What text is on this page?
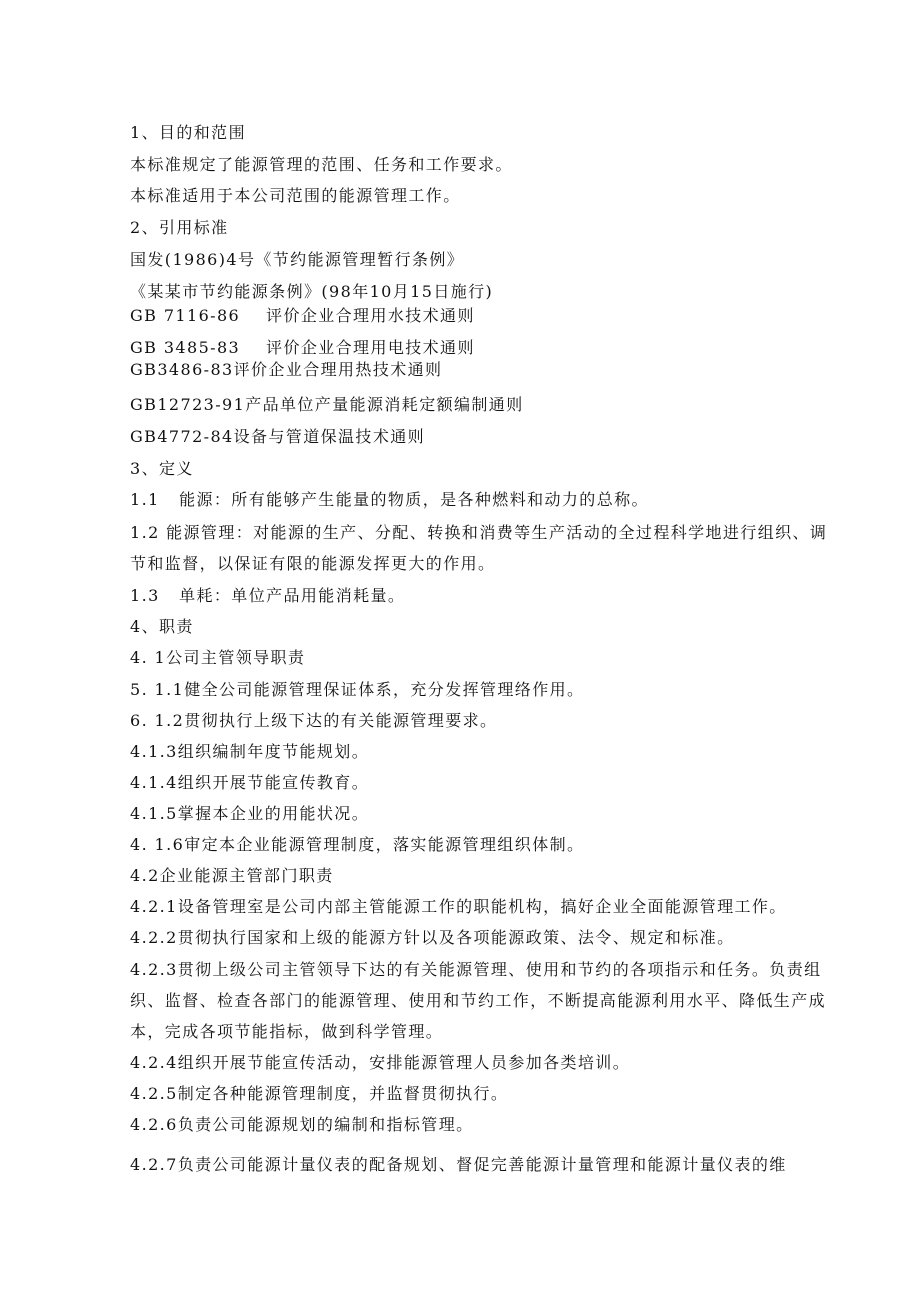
1、目的和范围
本标准规定了能源管理的范围、任务和工作要求。
本标准适用于本公司范围的能源管理工作。
2、引用标准
国发(1986)4号《节约能源管理暂行条例》
《某某市节约能源条例》(98年10月15日施行)
GB 7116-86    评价企业合理用水技术通则
GB 3485-83    评价企业合理用电技术通则
GB3486-83评价企业合理用热技术通则
GB12723-91产品单位产量能源消耗定额编制通则
GB4772-84设备与管道保温技术通则
3、定义
1.1   能源：所有能够产生能量的物质，是各种燃料和动力的总称。
1.2 能源管理：对能源的生产、分配、转换和消费等生产活动的全过程科学地进行组织、调节和监督，以保证有限的能源发挥更大的作用。
1.3   单耗：单位产品用能消耗量。
4、职责
4. 1公司主管领导职责
5. 1.1健全公司能源管理保证体系，充分发挥管理络作用。
6. 1.2贯彻执行上级下达的有关能源管理要求。
4.1.3组织编制年度节能规划。
4.1.4组织开展节能宣传教育。
4.1.5掌握本企业的用能状况。
4. 1.6审定本企业能源管理制度，落实能源管理组织体制。
4.2企业能源主管部门职责
4.2.1设备管理室是公司内部主管能源工作的职能机构，搞好企业全面能源管理工作。
4.2.2贯彻执行国家和上级的能源方针以及各项能源政策、法令、规定和标准。
4.2.3贯彻上级公司主管领导下达的有关能源管理、使用和节约的各项指示和任务。负责组织、监督、检查各部门的能源管理、使用和节约工作，不断提高能源利用水平、降低生产成本，完成各项节能指标，做到科学管理。
4.2.4组织开展节能宣传活动，安排能源管理人员参加各类培训。
4.2.5制定各种能源管理制度，并监督贯彻执行。
4.2.6负责公司能源规划的编制和指标管理。
4.2.7负责公司能源计量仪表的配备规划、督促完善能源计量管理和能源计量仪表的维
